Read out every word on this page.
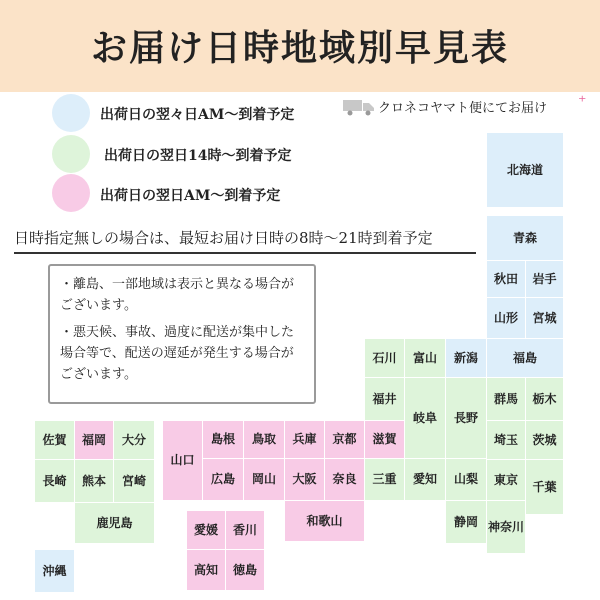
お届け日時地域別早見表
出荷日の翌々日AM〜到着予定
出荷日の翌日14時〜到着予定
出荷日の翌日AM〜到着予定
クロネコヤマト便にてお届け ⁺
日時指定無しの場合は、最短お届け日時の8時〜21時到着予定

・離島、一部地域は表示と異なる場合がございます。

・悪天候、事故、過度に配送が集中した場合等で、配送の遅延が発生する場合がございます。

北海道
青森
秋田	岩手
山形	宮城
福島
新潟
富山
石川
福井
岐阜	長野
群馬	栃木
埼玉	茨城
東京	千葉
神奈川
山梨
静岡
愛知
三重
滋賀
京都
兵庫
大阪	奈良
和歌山
鳥取
島根
岡山
広島
山口
愛媛	香川
高知	徳島
福岡
佐賀	大分
長崎	熊本	宮崎
鹿児島
沖縄
